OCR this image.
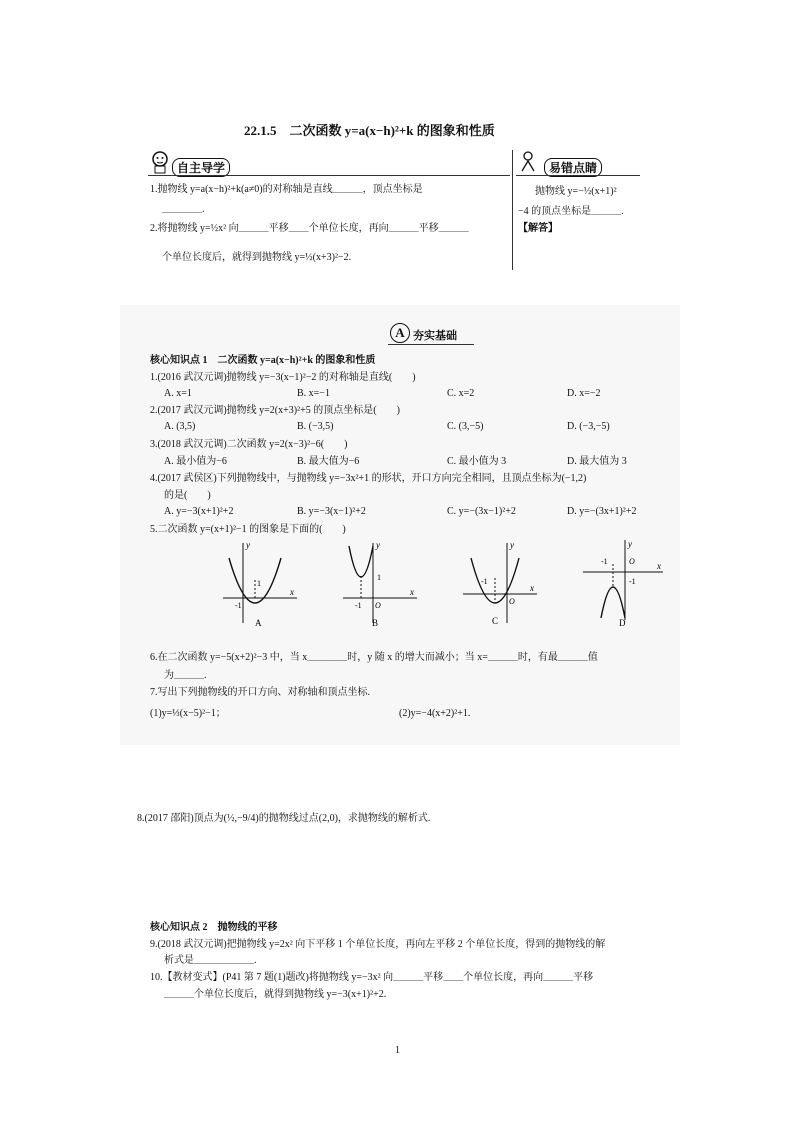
22.1.5　二次函数 y=a(x−h)²+k 的图象和性质
自主导学
1.抛物线 y=a(x−h)²+k(a≠0)的对称轴是直线＿＿＿，顶点坐标是
＿＿＿＿.
2.将抛物线 y=½x² 向＿＿＿平移＿＿个单位长度，再向＿＿＿平移＿＿＿
个单位长度后，就得到抛物线 y=½(x+3)²−2.
易错点睛
抛物线 y=−½(x+1)²
−4 的顶点坐标是＿＿＿.
【解答】
A 夯实基础
核心知识点 1　二次函数 y=a(x−h)²+k 的图象和性质
1.(2016 武汉元调)抛物线 y=−3(x−1)²−2 的对称轴是直线(　　)
A. x=1	B. x=−1	C. x=2	D. x=−2
2.(2017 武汉元调)抛物线 y=2(x+3)²+5 的顶点坐标是(　　)
A. (3,5)	B. (−3,5)	C. (3,−5)	D. (−3,−5)
3.(2018 武汉元调)二次函数 y=2(x−3)²−6(　　)
A. 最小值为−6	B. 最大值为−6	C. 最小值为 3	D. 最大值为 3
4.(2017 武侯区)下列抛物线中，与抛物线 y=−3x²+1 的形状，开口方向完全相同，且顶点坐标为(−1,2)
的是(　　)
A. y=−3(x+1)²+2	B. y=−3(x−1)²+2	C. y=−(3x−1)²+2	D. y=−(3x+1)²+2
5.二次函数 y=(x+1)²−1 的图象是下面的(　　)
x
y
-1
1
A
x
y
-1
1
O
B
x
y
-1
O
C
x
y
-1
-1
O
D
6.在二次函数 y=−5(x+2)²−3 中，当 x＿＿＿＿时，y 随 x 的增大而减小；当 x=＿＿＿时，有最＿＿＿值
为＿＿＿.
7.写出下列抛物线的开口方向、对称轴和顶点坐标.
(1)y=⅓(x−5)²−1；	(2)y=−4(x+2)²+1.
8.(2017 邵阳)顶点为(½,−9/4)的抛物线过点(2,0)，求抛物线的解析式.
核心知识点 2　抛物线的平移
9.(2018 武汉元调)把抛物线 y=2x² 向下平移 1 个单位长度，再向左平移 2 个单位长度，得到的抛物线的解
析式是＿＿＿＿＿＿.
10.【教材变式】(P41 第 7 题(1)题改)将抛物线 y=−3x² 向＿＿＿平移＿＿个单位长度，再向＿＿＿平移
＿＿＿个单位长度后，就得到抛物线 y=−3(x+1)²+2.
1
